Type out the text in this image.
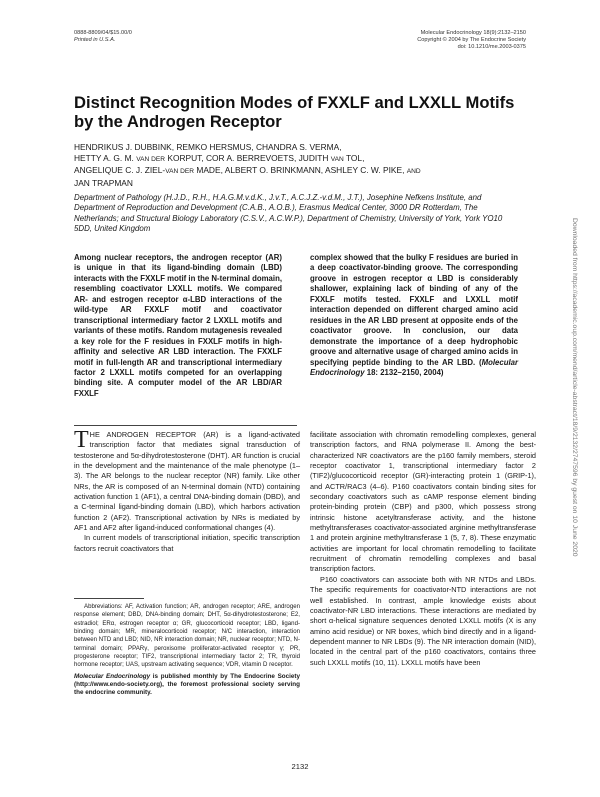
0888-8809/04/$15.00/0
Printed in U.S.A.
Molecular Endocrinology 18(9):2132–2150
Copyright © 2004 by The Endocrine Society
doi: 10.1210/me.2003-0375
Distinct Recognition Modes of FXXLF and LXXLL Motifs by the Androgen Receptor
HENDRIKUS J. DUBBINK, REMKO HERSMUS, CHANDRA S. VERMA,
HETTY A. G. M. VAN DER KORPUT, COR A. BERREVOETS, JUDITH VAN TOL,
ANGELIQUE C. J. ZIEL-VAN DER MADE, ALBERT O. BRINKMANN, ASHLEY C. W. PIKE, AND
JAN TRAPMAN
Department of Pathology (H.J.D., R.H., H.A.G.M.v.d.K., J.v.T., A.C.J.Z.-v.d.M., J.T.), Josephine Nefkens Institute, and Department of Reproduction and Development (C.A.B., A.O.B.), Erasmus Medical Center, 3000 DR Rotterdam, The Netherlands; and Structural Biology Laboratory (C.S.V., A.C.W.P.), Department of Chemistry, University of York, York YO10 5DD, United Kingdom
Among nuclear receptors, the androgen receptor (AR) is unique in that its ligand-binding domain (LBD) interacts with the FXXLF motif in the N-terminal domain, resembling coactivator LXXLL motifs. We compared AR- and estrogen receptor α-LBD interactions of the wild-type AR FXXLF motif and coactivator transcriptional intermediary factor 2 LXXLL motifs and variants of these motifs. Random mutagenesis revealed a key role for the F residues in FXXLF motifs in high-affinity and selective AR LBD interaction. The FXXLF motif in full-length AR and transcriptional intermediary factor 2 LXXLL motifs competed for an overlapping binding site. A computer model of the AR LBD/AR FXXLF
complex showed that the bulky F residues are buried in a deep coactivator-binding groove. The corresponding groove in estrogen receptor α LBD is considerably shallower, explaining lack of binding of any of the FXXLF motifs tested. FXXLF and LXXLL motif interaction depended on different charged amino acid residues in the AR LBD present at opposite ends of the coactivator groove. In conclusion, our data demonstrate the importance of a deep hydrophobic groove and alternative usage of charged amino acids in specifying peptide binding to the AR LBD. (Molecular Endocrinology 18: 2132–2150, 2004)

THE ANDROGEN RECEPTOR (AR) is a ligand-activated transcription factor that mediates signal transduction of testosterone and 5α-dihydrotestosterone (DHT). AR function is crucial in the development and the maintenance of the male phenotype (1–3). The AR belongs to the nuclear receptor (NR) family. Like other NRs, the AR is composed of an N-terminal domain (NTD) containing activation function 1 (AF1), a central DNA-binding domain (DBD), and a C-terminal ligand-binding domain (LBD), which harbors activation function 2 (AF2). Transcriptional activation by NRs is mediated by AF1 and AF2 after ligand-induced conformational changes (4).

In current models of transcriptional initiation, specific transcription factors recruit coactivators that

Abbreviations: AF, Activation function; AR, androgen receptor; ARE, androgen response element; DBD, DNA-binding domain; DHT, 5α-dihydrotestosterone; E2, estradiol; ERα, estrogen receptor α; GR, glucocorticoid receptor; LBD, ligand-binding domain; MR, mineralocorticoid receptor; N/C interaction, interaction between NTD and LBD; NID, NR interaction domain; NR, nuclear receptor; NTD, N-terminal domain; PPARγ, peroxisome proliferator-activated receptor γ; PR, progesterone receptor; TIF2, transcriptional intermediary factor 2; TR, thyroid hormone receptor; UAS, upstream activating sequence; VDR, vitamin D receptor.

Molecular Endocrinology is published monthly by The Endocrine Society (http://www.endo-society.org), the foremost professional society serving the endocrine community.

facilitate association with chromatin remodelling complexes, general transcription factors, and RNA polymerase II. Among the best-characterized NR coactivators are the p160 family members, steroid receptor coactivator 1, transcriptional intermediary factor 2 (TIF2)/glucocorticoid receptor (GR)-interacting protein 1 (GRIP-1), and ACTR/RAC3 (4–6). P160 coactivators contain binding sites for secondary coactivators such as cAMP response element binding protein-binding protein (CBP) and p300, which possess strong intrinsic histone acetyltransferase activity, and the histone methyltransferases coactivator-associated arginine methyltransferase 1 and protein arginine methyltransferase 1 (5, 7, 8). These enzymatic activities are important for local chromatin remodelling to facilitate recruitment of chromatin remodelling complexes and basal transcription factors.

P160 coactivators can associate both with NR NTDs and LBDs. The specific requirements for coactivator-NTD interactions are not well established. In contrast, ample knowledge exists about coactivator-NR LBD interactions. These interactions are mediated by short α-helical signature sequences denoted LXXLL motifs (X is any amino acid residue) or NR boxes, which bind directly and in a ligand-dependent manner to NR LBDs (9). The NR interaction domain (NID), located in the central part of the p160 coactivators, contains three such LXXLL motifs (10, 11). LXXLL motifs have been

2132
Downloaded from https://academic.oup.com/mend/article-abstract/18/9/2132/2747596 by guest on 10 June 2020
